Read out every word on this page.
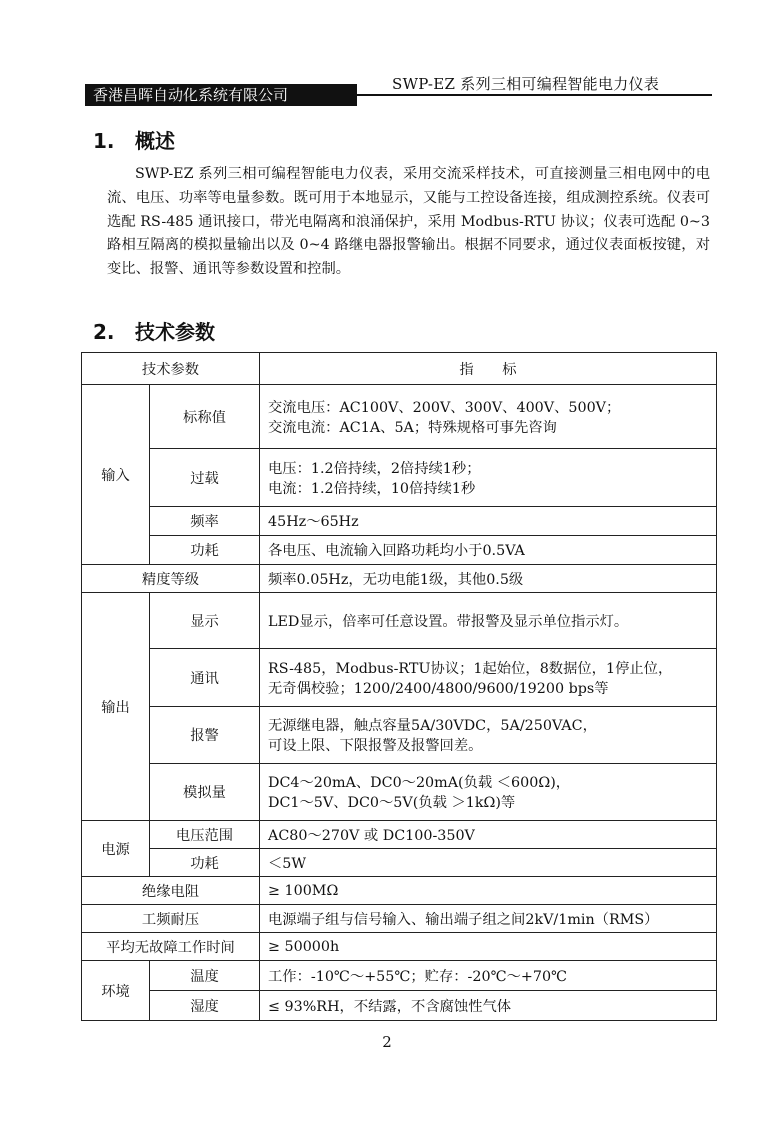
SWP-EZ 系列三相可编程智能电力仪表
香港昌晖自动化系统有限公司
1. 概述
SWP-EZ 系列三相可编程智能电力仪表，采用交流采样技术，可直接测量三相电网中的电流、电压、功率等电量参数。既可用于本地显示，又能与工控设备连接，组成测控系统。仪表可选配 RS-485 通讯接口，带光电隔离和浪涌保护，采用 Modbus-RTU 协议；仪表可选配 0~3 路相互隔离的模拟量输出以及 0~4 路继电器报警输出。根据不同要求，通过仪表面板按键，对变比、报警、通讯等参数设置和控制。
2. 技术参数
技术参数		指　　标
输入	标称值	交流电压：AC100V、200V、300V、400V、500V；
交流电流：AC1A、5A；特殊规格可事先咨询

	过载	电压：1.2倍持续，2倍持续1秒；
电流：1.2倍持续，10倍持续1秒

	频率	45Hz～65Hz
	功耗	各电压、电流输入回路功耗均小于0.5VA
精度等级		频率0.05Hz，无功电能1级，其他0.5级
输出	显示	LED显示，倍率可任意设置。带报警及显示单位指示灯。
	通讯	RS-485，Modbus-RTU协议；1起始位，8数据位，1停止位，
无奇偶校验；1200/2400/4800/9600/19200 bps等

	报警	无源继电器，触点容量5A/30VDC，5A/250VAC，
可设上限、下限报警及报警回差。

	模拟量	DC4～20mA、DC0～20mA(负载 ＜600Ω)，
DC1～5V、DC0～5V(负载 ＞1kΩ)等

电源	电压范围	AC80～270V 或 DC100-350V
	功耗	＜5W
绝缘电阻		≥ 100MΩ
工频耐压		电源端子组与信号输入、输出端子组之间2kV/1min（RMS）
平均无故障工作时间		≥ 50000h
环境	温度	工作：-10℃～+55℃；贮存：-20℃～+70℃
	湿度	≤ 93%RH，不结露，不含腐蚀性气体
2
